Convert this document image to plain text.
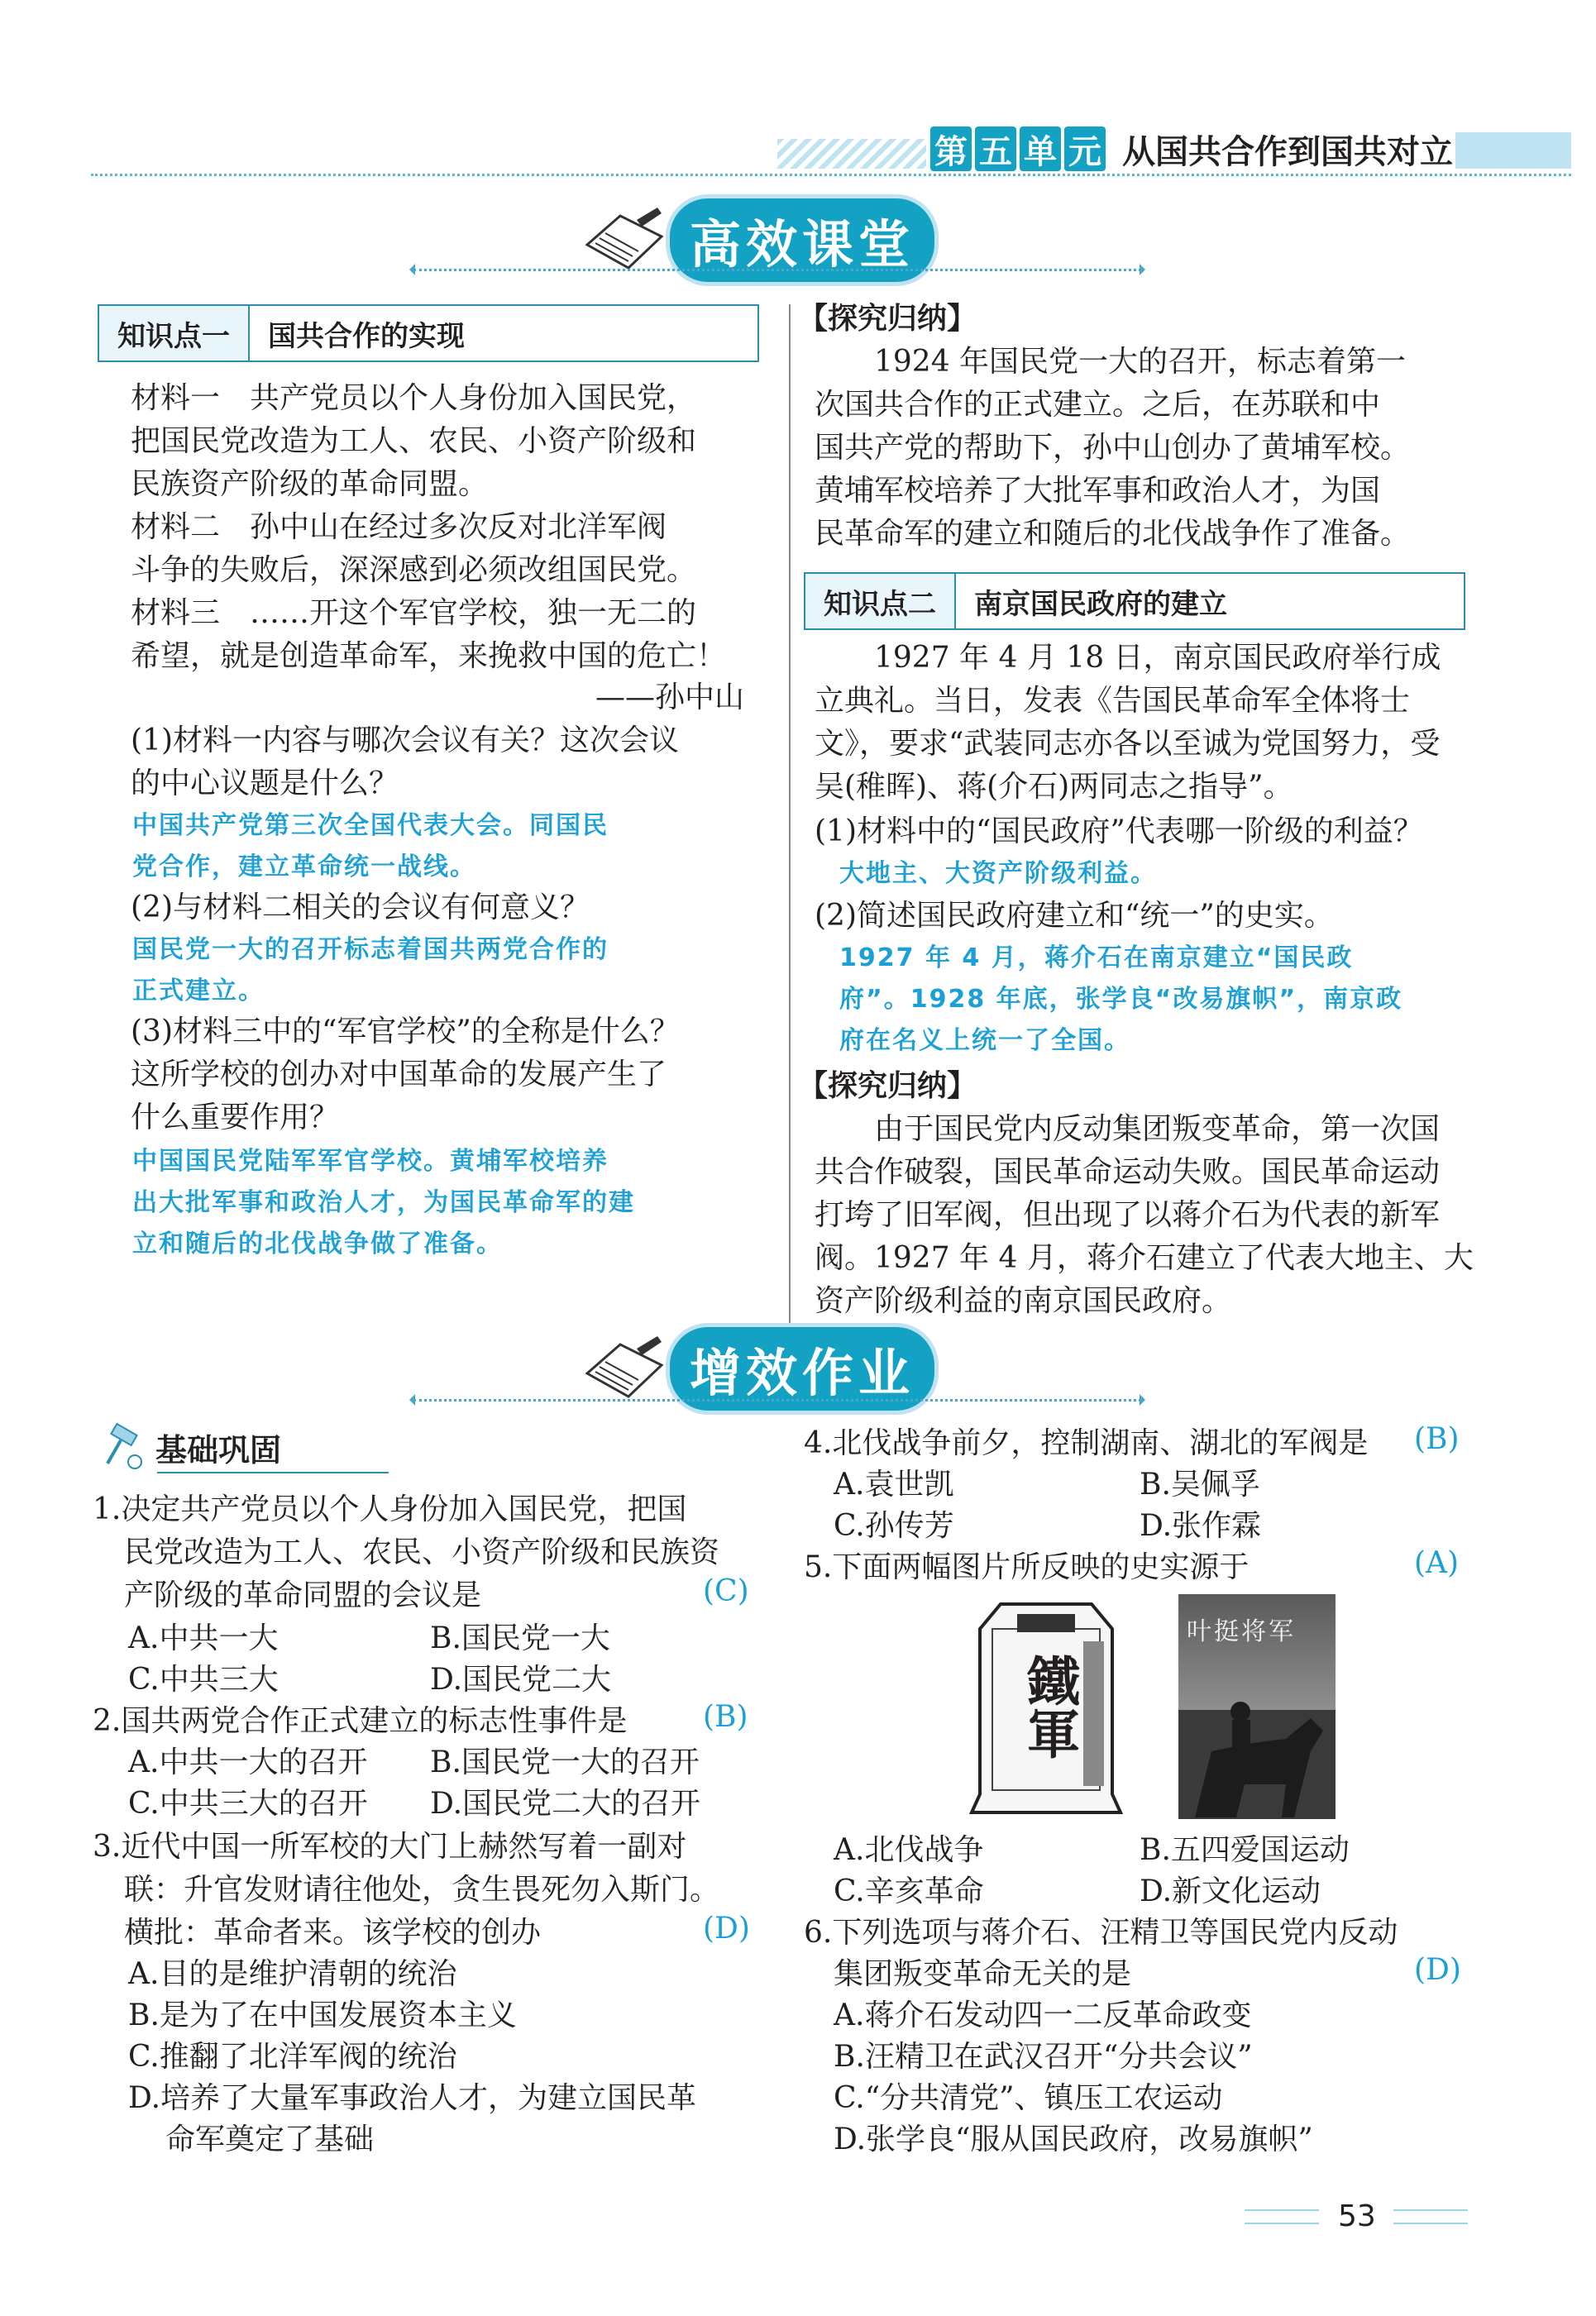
第 五 单 元 从国共合作到国共对立
高效课堂
知识点一	国共合作的实现
材料一　共产党员以个人身份加入国民党，
把国民党改造为工人、农民、小资产阶级和
民族资产阶级的革命同盟。
材料二　孙中山在经过多次反对北洋军阀
斗争的失败后，深深感到必须改组国民党。
材料三　……开这个军官学校，独一无二的
希望，就是创造革命军，来挽救中国的危亡！
——孙中山
(1)材料一内容与哪次会议有关？这次会议
的中心议题是什么？
中国共产党第三次全国代表大会。同国民
党合作，建立革命统一战线。
(2)与材料二相关的会议有何意义？
国民党一大的召开标志着国共两党合作的
正式建立。
(3)材料三中的“军官学校”的全称是什么？
这所学校的创办对中国革命的发展产生了
什么重要作用？
中国国民党陆军军官学校。黄埔军校培养
出大批军事和政治人才，为国民革命军的建
立和随后的北伐战争做了准备。
【探究归纳】
　　1924 年国民党一大的召开，标志着第一
次国共合作的正式建立。之后，在苏联和中
国共产党的帮助下，孙中山创办了黄埔军校。
黄埔军校培养了大批军事和政治人才，为国
民革命军的建立和随后的北伐战争作了准备。
知识点二	南京国民政府的建立
　　1927 年 4 月 18 日，南京国民政府举行成
立典礼。当日，发表《告国民革命军全体将士
文》，要求“武装同志亦各以至诚为党国努力，受
吴(稚晖)、蒋(介石)两同志之指导”。
(1)材料中的“国民政府”代表哪一阶级的利益？
大地主、大资产阶级利益。
(2)简述国民政府建立和“统一”的史实。
1927 年 4 月，蒋介石在南京建立“国民政
府”。1928 年底，张学良“改易旗帜”，南京政
府在名义上统一了全国。
【探究归纳】
　　由于国民党内反动集团叛变革命，第一次国
共合作破裂，国民革命运动失败。国民革命运动
打垮了旧军阀，但出现了以蒋介石为代表的新军
阀。1927 年 4 月，蒋介石建立了代表大地主、大
资产阶级利益的南京国民政府。
增效作业
基础巩固
1.决定共产党员以个人身份加入国民党，把国
民党改造为工人、农民、小资产阶级和民族资
产阶级的革命同盟的会议是	(C)
A.中共一大	B.国民党一大
C.中共三大	D.国民党二大
2.国共两党合作正式建立的标志性事件是	(B)
A.中共一大的召开 B.国民党一大的召开
C.中共三大的召开 D.国民党二大的召开
3.近代中国一所军校的大门上赫然写着一副对
联：升官发财请往他处，贪生畏死勿入斯门。
横批：革命者来。该学校的创办	(D)
A.目的是维护清朝的统治
B.是为了在中国发展资本主义
C.推翻了北洋军阀的统治
D.培养了大量军事政治人才，为建立国民革
命军奠定了基础
4.北伐战争前夕，控制湖南、湖北的军阀是 (B)
A.袁世凯	B.吴佩孚
C.孙传芳	D.张作霖
5.下面两幅图片所反映的史实源于	(A)
鐵軍
叶挺将军
A.北伐战争	B.五四爱国运动
C.辛亥革命	D.新文化运动
6.下列选项与蒋介石、汪精卫等国民党内反动
集团叛变革命无关的是	(D)
A.蒋介石发动四一二反革命政变
B.汪精卫在武汉召开“分共会议”
C.“分共清党”、镇压工农运动
D.张学良“服从国民政府，改易旗帜”
53
